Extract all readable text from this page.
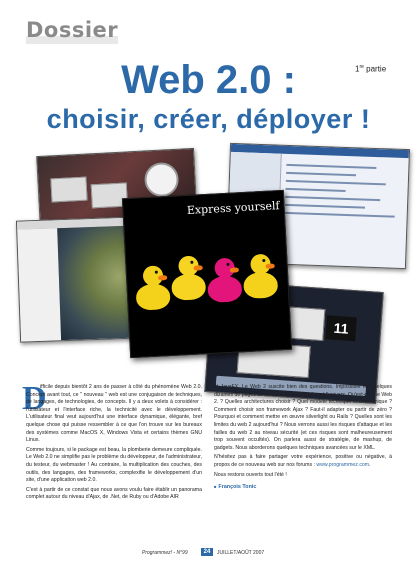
Dossier
1re partie
Web 2.0 :
choisir, créer, déployer !
11
Express yourself
D

ifficile depuis bientôt 2 ans de passer à côté du phénomène Web 2.0. Concept avant tout, ce " nouveau " web est une conjugaison de techniques, de langages, de technologies, de concepts. Il y a deux volets à considérer : l'utilisateur et l'interface riche, la technicité avec le développement. L'utilisateur final veut aujourd'hui une interface dynamique, élégante, bref quelque chose qui puisse ressembler à ce que l'on trouve sur les bureaux des systèmes comme MacOS X, Windows Vista et certains thèmes GNU Linux.

Comme toujours, si le package est beau, la plomberie demeure compliquée. Le Web 2.0 ne simplifie pas le problème du développeur, de l'administrateur, du testeur, du webmaster ! Au contraire, la multiplication des couches, des outils, des langages, des frameworks, complexifie le développement d'un site, d'une application web 2.0.

C'est à partir de ce constat que nous avons voulu faire établir un panorama complet autour du niveau d'Ajax, de .Net, de Ruby ou d'Adobe AIR

et JavaFX. Le Web 2 suscite bien des questions. Impossible en quelques dizaines de pages de survoler l'ensemble de cet l'univers. Qu'est-ce que Web 2. ? Quelles architectures choisir ? Quel modèle technique et économique ? Comment choisir son framework Ajax ? Faut-il adapter ou partir de zéro ? Pourquoi et comment mettre en œuvre silverlight ou Rails ? Quelles sont les limites du web 2 aujourd'hui ? Nous verrons aussi les risques d'attaque et les failles du web 2 au niveau sécurité (et ces risques sont malheureusement trop souvent occultés). On parlera aussi de stratégie, de mashup, de gadgets. Nous aborderons quelques techniques avancées sur le XML.

N'hésitez pas à faire partager votre expérience, positive ou négative, à propos de ce nouveau web sur nos forums : www.programmez.com.

Nous restons ouverts tout l'été !

■ François Tonic
Programmez! - N°99	24	JUILLET/AOÛT 2007
